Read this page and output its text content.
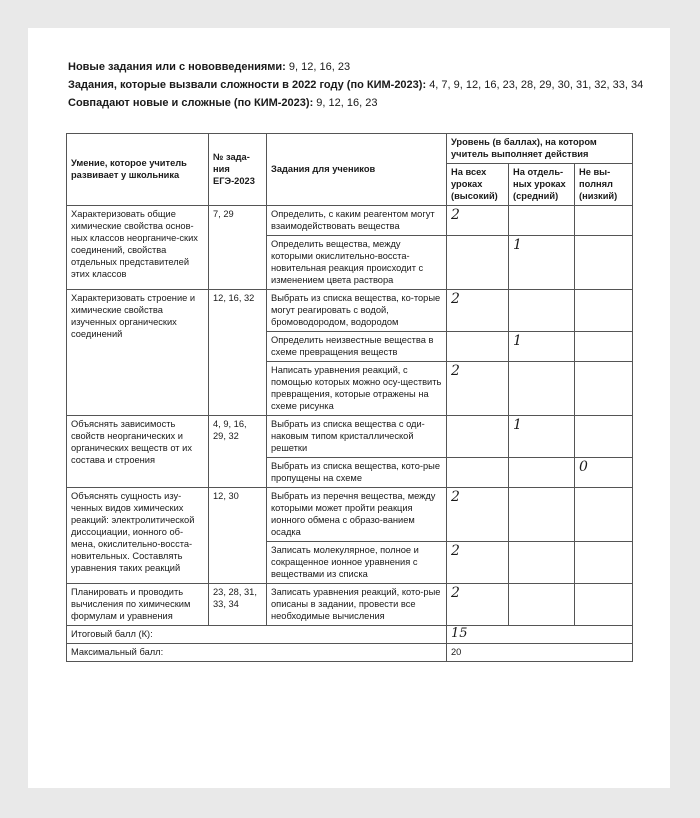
Новые задания или с нововведениями: 9, 12, 16, 23
Задания, которые вызвали сложности в 2022 году (по КИМ-2023): 4, 7, 9, 12, 16, 23, 28, 29, 30, 31, 32, 33, 34
Совпадают новые и сложные (по КИМ-2023): 9, 12, 16, 23
Умение, которое учитель развивает у школьника	№ зада-ния ЕГЭ-2023	Задания для учеников	Уровень (в баллах), на котором учитель выполняет действия		
			На всех уроках (высокий)	На отдель-ных уроках (средний)	Не вы-полнял (низкий)
Характеризовать общие химические свойства основ-ных классов неорганиче-ских соединений, свойства отдельных представителей этих классов	7, 29	Определить, с каким реагентом могут взаимодействовать вещества	2		
		Определить вещества, между которыми окислительно-восста-новительная реакция происходит с изменением цвета раствора		1	
Характеризовать строение и химические свойства изученных органических соединений	12, 16, 32	Выбрать из списка вещества, ко-торые могут реагировать с водой, бромоводородом, водородом	2		
		Определить неизвестные вещества в схеме превращения веществ		1	
		Написать уравнения реакций, с помощью которых можно осу-ществить превращения, которые отражены на схеме рисунка	2		
Объяснять зависимость свойств неорганических и органических веществ от их состава и строения	4, 9, 16, 29, 32	Выбрать из списка вещества с оди-наковым типом кристаллической решетки		1	
		Выбрать из списка вещества, кото-рые пропущены на схеме			0
Объяснять сущность изу-ченных видов химических реакций: электролитической диссоциации, ионного об-мена, окислительно-восста-новительных. Составлять уравнения таких реакций	12, 30	Выбрать из перечня вещества, между которыми может пройти реакция ионного обмена с образо-ванием осадка	2		
		Записать молекулярное, полное и сокращенное ионное уравнения с веществами из списка	2		
Планировать и проводить вычисления по химическим формулам и уравнения	23, 28, 31, 33, 34	Записать уравнения реакций, кото-рые описаны в задании, провести все необходимые вычисления	2		
Итоговый балл (К):			15		
Максимальный балл:			20		
